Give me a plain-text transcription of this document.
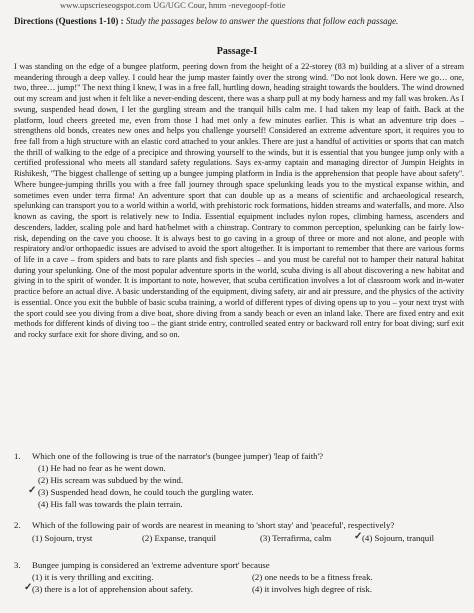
www.upscrieseogspot.com UG/UGC Cour, hmm -nevegoopf-fotie
Directions (Questions 1-10) : Study the passages below to answer the questions that follow each passage.
Passage-I

I was standing on the edge of a bungee platform, peering down from the height of a 22-storey (83 m) building at a sliver of a stream meandering through a deep valley. I could hear the jump master faintly over the strong wind. "Do not look down. Here we go… one, two, three… jump!" The next thing I knew, I was in a free fall, hurtling down, heading straight towards the boulders. The wind drowned out my scream and just when it felt like a never-ending descent, there was a sharp pull at my body harness and my fall was broken. As I swung, suspended head down, I let the gurgling stream and the tranquil hills calm me. I had taken my leap of faith. Back at the platform, loud cheers greeted me, even from those I had met only a few minutes earlier. This is what an adventure trip does – strengthens old bonds, creates new ones and helps you challenge yourself! Considered an extreme adventure sport, it requires you to free fall from a high structure with an elastic cord attached to your ankles. There are just a handful of activities or sports that can match the thrill of walking to the edge of a precipice and throwing yourself to the winds, but it is essential that you bungee jump only with a certified professional who meets all standard safety regulations. Says ex-army captain and managing director of Jumpin Heights in Rishikesh, ''The biggest challenge of setting up a bungee jumping platform in India is the apprehension that people have about safety''. Where bungee-jumping thrills you with a free fall journey through space spelunking leads you to the mystical expanse within, and sometimes even under terra firma! An adventure sport that can double up as a means of scientific and archaeological research, spelunking can transport you to a world within a world, with prehistoric rock formations, hidden streams and waterfalls, and more. Also known as caving, the sport is relatively new to India. Essential equipment includes nylon ropes, climbing harness, ascenders and descenders, ladder, scaling pole and hard hat/helmet with a chinstrap. Contrary to common perception, spelunking can be fairly low-risk, depending on the cave you choose. It is always best to go caving in a group of three or more and not alone, and people with respiratory and/or orthopaedic issues are advised to avoid the sport altogether. It is important to remember that there are various forms of life in a cave – from spiders and bats to rare plants and fish species – and you must be careful not to hamper their natural habitat during your spelunking. One of the most popular adventure sports in the world, scuba diving is all about discovering a new habitat and giving in to the spirit of wonder. It is important to note, however, that scuba certification involves a lot of classroom work and in-water practice before an actual dive. A basic understanding of the equipment, diving safety, air and air pressure, and the physics of the activity is essential. Once you exit the bubble of basic scuba training, a world of different types of diving opens up to you – your next tryst with the sport could see you diving from a dive boat, shore diving from a sandy beach or even an inland lake. There are fixed entry and exit methods for different kinds of diving too – the giant stride entry, controlled seated entry or backward roll entry for boat diving; surf exit and rocky surface exit for shore diving, and so on.

1. Which one of the following is true of the narrator's (bungee jumper) 'leap of faith'?
(1) He had no fear as he went down.
(2) His scream was subdued by the wind.
(3) Suspended head down, he could touch the gurgling water.
(4) His fall was towards the plain terrain.
✓
2. Which of the following pair of words are nearest in meaning to 'short stay' and 'peaceful', respectively?
(1) Sojourn, tryst	(2) Expanse, tranquil	(3) Terrafirma, calm	(4) Sojourn, tranquil
✓
3. Bungee jumping is considered an 'extreme adventure sport' because
(1) it is very thrilling and exciting.	(2) one needs to be a fitness freak.
(3) there is a lot of apprehension about safety.	(4) it involves high degree of risk.
✓
